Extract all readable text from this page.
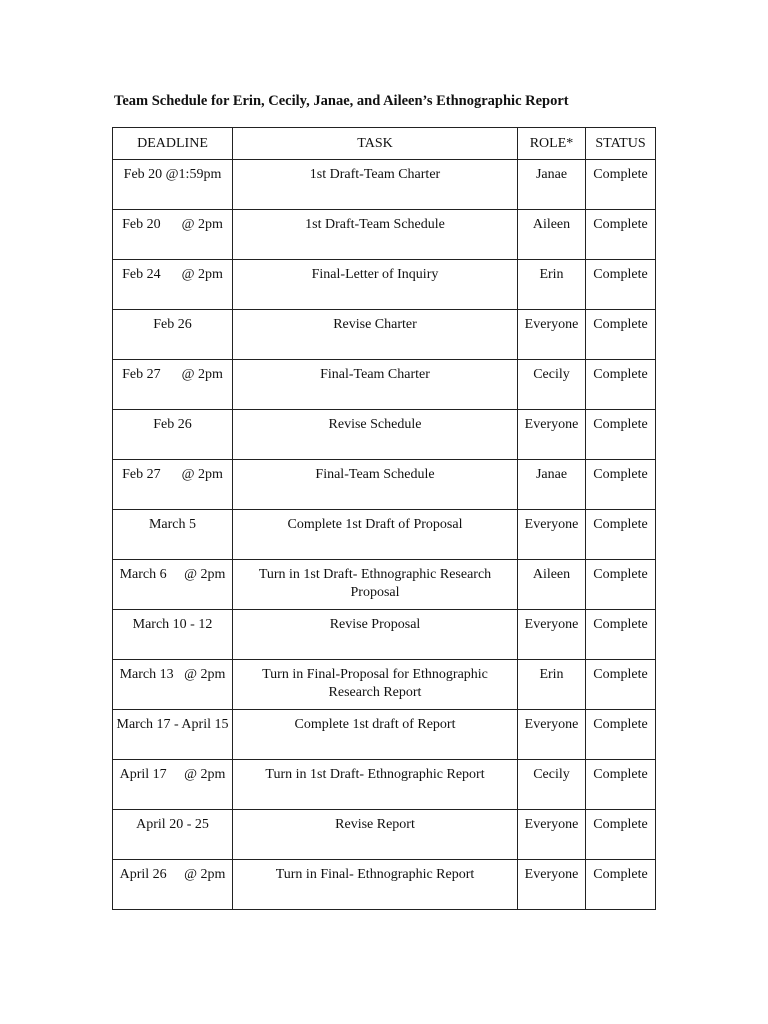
Team Schedule for Erin, Cecily, Janae, and Aileen’s Ethnographic Report
DEADLINE	TASK	ROLE*	STATUS
Feb 20 @1:59pm	1st Draft-Team Charter	Janae	Complete
Feb 20      @ 2pm	1st Draft-Team Schedule	Aileen	Complete
Feb 24      @ 2pm	Final-Letter of Inquiry	Erin	Complete
Feb 26	Revise Charter	Everyone	Complete
Feb 27      @ 2pm	Final-Team Charter	Cecily	Complete
Feb 26	Revise Schedule	Everyone	Complete
Feb 27      @ 2pm	Final-Team Schedule	Janae	Complete
March 5	Complete 1st Draft of Proposal	Everyone	Complete
March 6     @ 2pm	Turn in 1st Draft- Ethnographic Research Proposal	Aileen	Complete
March 10 - 12	Revise Proposal	Everyone	Complete
March 13   @ 2pm	Turn in Final-Proposal for Ethnographic Research Report	Erin	Complete
March 17 - April 15	Complete 1st draft of Report	Everyone	Complete
April 17     @ 2pm	Turn in 1st Draft- Ethnographic Report	Cecily	Complete
April 20 - 25	Revise Report	Everyone	Complete
April 26     @ 2pm	Turn in Final- Ethnographic Report	Everyone	Complete
